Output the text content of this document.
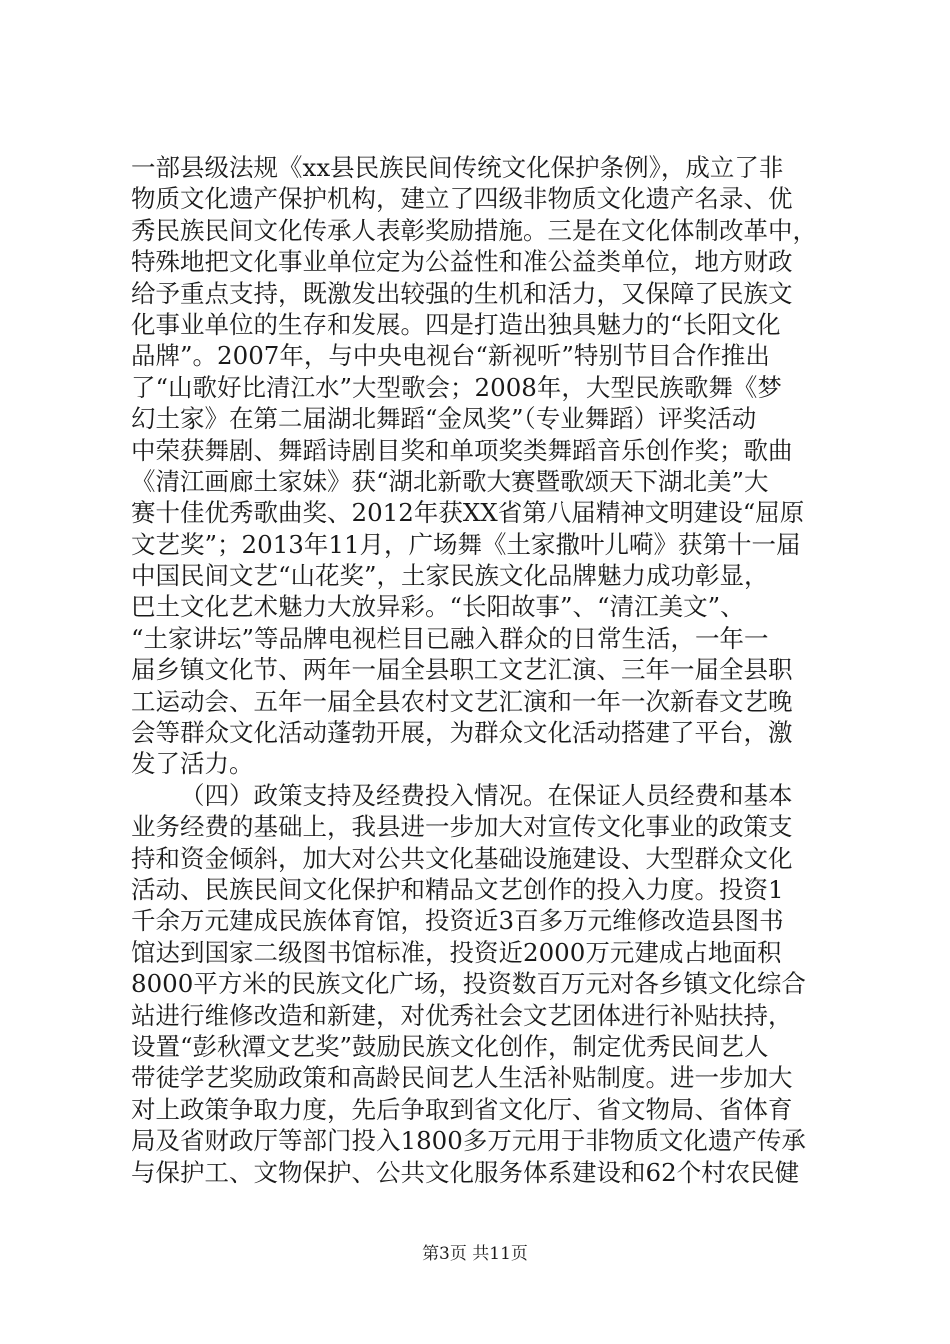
一部县级法规《xx县民族民间传统文化保护条例》，成立了非
物质文化遗产保护机构，建立了四级非物质文化遗产名录、优
秀民族民间文化传承人表彰奖励措施。三是在文化体制改革中，
特殊地把文化事业单位定为公益性和准公益类单位，地方财政
给予重点支持，既激发出较强的生机和活力，又保障了民族文
化事业单位的生存和发展。四是打造出独具魅力的“长阳文化
品牌”。2007年，与中央电视台“新视听”特别节目合作推出
了“山歌好比清江水”大型歌会；2008年，大型民族歌舞《梦
幻土家》在第二届湖北舞蹈“金凤奖”（专业舞蹈）评奖活动
中荣获舞剧、舞蹈诗剧目奖和单项奖类舞蹈音乐创作奖；歌曲
《清江画廊土家妹》获“湖北新歌大赛暨歌颂天下湖北美”大
赛十佳优秀歌曲奖、2012年获XX省第八届精神文明建设“屈原
文艺奖”；2013年11月，广场舞《土家撒叶儿嗬》获第十一届
中国民间文艺“山花奖”，土家民族文化品牌魅力成功彰显，
巴土文化艺术魅力大放异彩。“长阳故事”、“清江美文”、
“土家讲坛”等品牌电视栏目已融入群众的日常生活，一年一
届乡镇文化节、两年一届全县职工文艺汇演、三年一届全县职
工运动会、五年一届全县农村文艺汇演和一年一次新春文艺晚
会等群众文化活动蓬勃开展，为群众文化活动搭建了平台，激
发了活力。
（四）政策支持及经费投入情况。在保证人员经费和基本
业务经费的基础上，我县进一步加大对宣传文化事业的政策支
持和资金倾斜，加大对公共文化基础设施建设、大型群众文化
活动、民族民间文化保护和精品文艺创作的投入力度。投资1
千余万元建成民族体育馆，投资近3百多万元维修改造县图书
馆达到国家二级图书馆标准，投资近2000万元建成占地面积
8000平方米的民族文化广场，投资数百万元对各乡镇文化综合
站进行维修改造和新建，对优秀社会文艺团体进行补贴扶持，
设置“彭秋潭文艺奖”鼓励民族文化创作，制定优秀民间艺人
带徒学艺奖励政策和高龄民间艺人生活补贴制度。进一步加大
对上政策争取力度，先后争取到省文化厅、省文物局、省体育
局及省财政厅等部门投入1800多万元用于非物质文化遗产传承
与保护工、文物保护、公共文化服务体系建设和62个村农民健
第3页 共11页
